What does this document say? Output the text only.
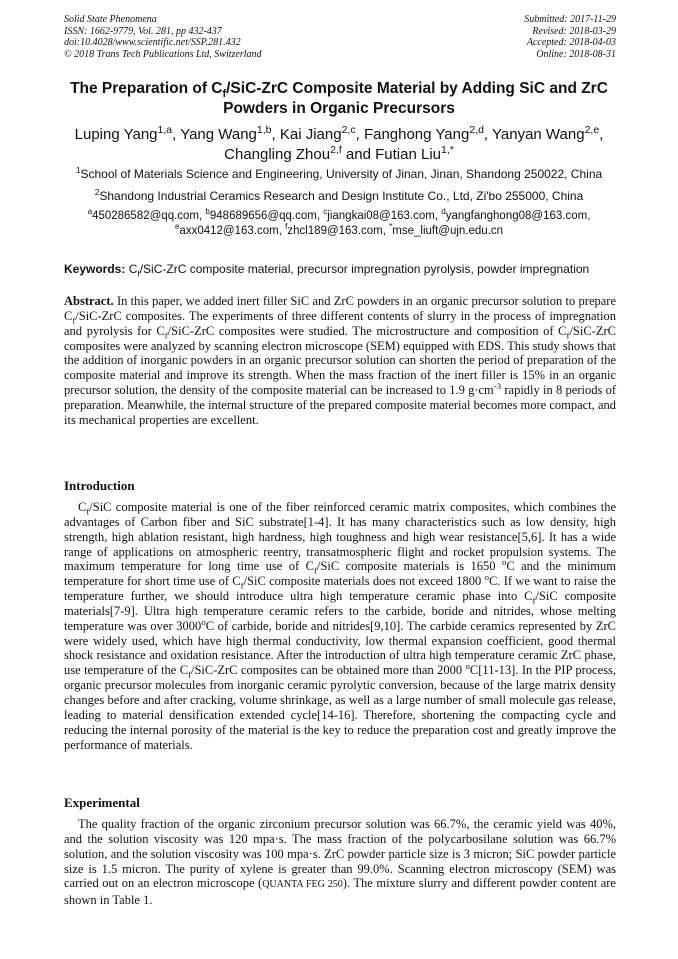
Solid State Phenomena
ISSN: 1662-9779, Vol. 281, pp 432-437
doi:10.4028/www.scientific.net/SSP.281.432
© 2018 Trans Tech Publications Ltd, Switzerland
Submitted: 2017-11-29
Revised: 2018-03-29
Accepted: 2018-04-03
Online: 2018-08-31
The Preparation of $C_f/SiC$-ZrC Composite Material by Adding SiC and ZrC
Powders in Organic Precursors
Luping Yang$^{1,a}$, Yang Wang$^{1,b}$, Kai Jiang$^{2,c}$, Fanghong Yang$^{2,d}$, Yanyan Wang$^{2,e}$, Changling Zhou$^{2,f}$ and Futian Liu$^{1,*}$
$^1$School of Materials Science and Engineering, University of Jinan, Jinan, Shandong 250022, China
$^2$Shandong Industrial Ceramics Research and Design Institute Co., Ltd, Zi'bo 255000, China
$^a$450286582@qq.com, $^b$948689656@qq.com, $^c$jiangkai08@163.com, $^d$yangfanghong08@163.com,
$^e$axx0412@163.com, $^f$zhcl189@163.com, *mse_liuft@ujn.edu.cn
Keywords: $C_f/SiC$-ZrC composite material, precursor impregnation pyrolysis, powder impregnation
Abstract. In this paper, we added inert filler SiC and ZrC powders in an organic precursor solution to prepare $C_f/SiC$-ZrC composites. The experiments of three different contents of slurry in the process of impregnation and pyrolysis for $C_f/SiC$-ZrC composites were studied. The microstructure and composition of $C_f/SiC$-ZrC composites were analyzed by scanning electron microscope (SEM) equipped with EDS. This study shows that the addition of inorganic powders in an organic precursor solution can shorten the period of preparation of the composite material and improve its strength. When the mass fraction of the inert filler is 15% in an organic precursor solution, the density of the composite material can be increased to 1.9 $g\cdot cm^{-3}$ rapidly in 8 periods of preparation. Meanwhile, the internal structure of the prepared composite material becomes more compact, and its mechanical properties are excellent.
Introduction
$C_f$/SiC composite material is one of the fiber reinforced ceramic matrix composites, which combines the advantages of Carbon fiber and SiC substrate[1-4]. It has many characteristics such as low density, high strength, high ablation resistant, high hardness, high toughness and high wear resistance[5,6]. It has a wide range of applications on atmospheric reentry, transatmospheric flight and rocket propulsion systems. The maximum temperature for long time use of $C_f$/SiC composite materials is 1650 $^o$C and the minimum temperature for short time use of $C_f$/SiC composite materials does not exceed 1800 $^o$C. If we want to raise the temperature further, we should introduce ultra high temperature ceramic phase into $C_f$/SiC composite materials[7-9]. Ultra high temperature ceramic refers to the carbide, boride and nitrides, whose melting temperature was over 3000$^o$C of carbide, boride and nitrides[9,10]. The carbide ceramics represented by ZrC were widely used, which have high thermal conductivity, low thermal expansion coefficient, good thermal shock resistance and oxidation resistance. After the introduction of ultra high temperature ceramic ZrC phase, use temperature of the $C_f/SiC$-ZrC composites can be obtained more than 2000 $^o$C[11-13]. In the PIP process, organic precursor molecules from inorganic ceramic pyrolytic conversion, because of the large matrix density changes before and after cracking, volume shrinkage, as well as a large number of small molecule gas release, leading to material densification extended cycle[14-16]. Therefore, shortening the compacting cycle and reducing the internal porosity of the material is the key to reduce the preparation cost and greatly improve the performance of materials.
Experimental
The quality fraction of the organic zirconium precursor solution was 66.7%, the ceramic yield was 40%, and the solution viscosity was 120 mpa·s. The mass fraction of the polycarbosilane solution was 66.7% solution, and the solution viscosity was 100 mpa·s. ZrC powder particle size is 3 micron; SiC powder particle size is 1.5 micron. The purity of xylene is greater than 99.0%. Scanning electron microscopy (SEM) was carried out on an electron microscope (QUANTA FEG 250). The mixture slurry and different powder content are shown in Table 1.
